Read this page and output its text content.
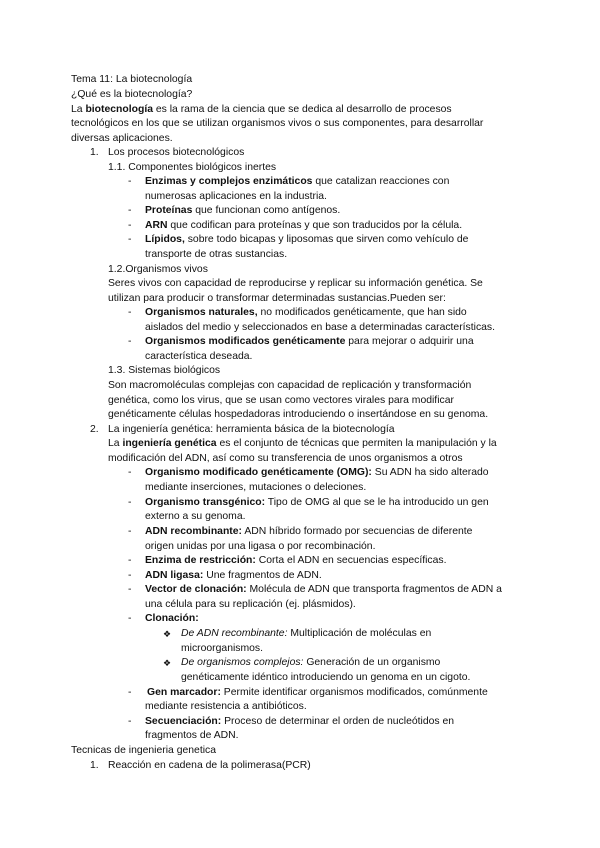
Tema 11: La biotecnología
¿Qué es la biotecnología?
La biotecnología es la rama de la ciencia que se dedica al desarrollo de procesos
tecnológicos en los que se utilizan organismos vivos o sus componentes, para desarrollar
diversas aplicaciones.
1. Los procesos biotecnológicos
1.1. Componentes biológicos inertes
- Enzimas y complejos enzimáticos que catalizan reacciones con
numerosas aplicaciones en la industria.
- Proteínas que funcionan como antígenos.
- ARN que codifican para proteínas y que son traducidos por la célula.
- Lípidos, sobre todo bicapas y liposomas que sirven como vehículo de
transporte de otras sustancias.
1.2.Organismos vivos
Seres vivos con capacidad de reproducirse y replicar su información genética. Se
utilizan para producir o transformar determinadas sustancias.Pueden ser:
- Organismos naturales, no modificados genéticamente, que han sido
aislados del medio y seleccionados en base a determinadas características.
- Organismos modificados genéticamente para mejorar o adquirir una
característica deseada.
1.3. Sistemas biológicos
Son macromoléculas complejas con capacidad de replicación y transformación
genética, como los virus, que se usan como vectores virales para modificar
genéticamente células hospedadoras introduciendo o insertándose en su genoma.
2. La ingeniería genética: herramienta básica de la biotecnología
La ingeniería genética es el conjunto de técnicas que permiten la manipulación y la
modificación del ADN, así como su transferencia de unos organismos a otros
- Organismo modificado genéticamente (OMG): Su ADN ha sido alterado
mediante inserciones, mutaciones o deleciones.
- Organismo transgénico: Tipo de OMG al que se le ha introducido un gen
externo a su genoma.
- ADN recombinante: ADN híbrido formado por secuencias de diferente
origen unidas por una ligasa o por recombinación.
- Enzima de restricción: Corta el ADN en secuencias específicas.
- ADN ligasa: Une fragmentos de ADN.
- Vector de clonación: Molécula de ADN que transporta fragmentos de ADN a
una célula para su replicación (ej. plásmidos).
- Clonación:
❖ De ADN recombinante: Multiplicación de moléculas en
microorganismos.
❖ De organismos complejos: Generación de un organismo
genéticamente idéntico introduciendo un genoma en un cigoto.
- Gen marcador: Permite identificar organismos modificados, comúnmente
mediante resistencia a antibióticos.
- Secuenciación: Proceso de determinar el orden de nucleótidos en
fragmentos de ADN.
Tecnicas de ingenieria genetica
1. Reacción en cadena de la polimerasa(PCR)
